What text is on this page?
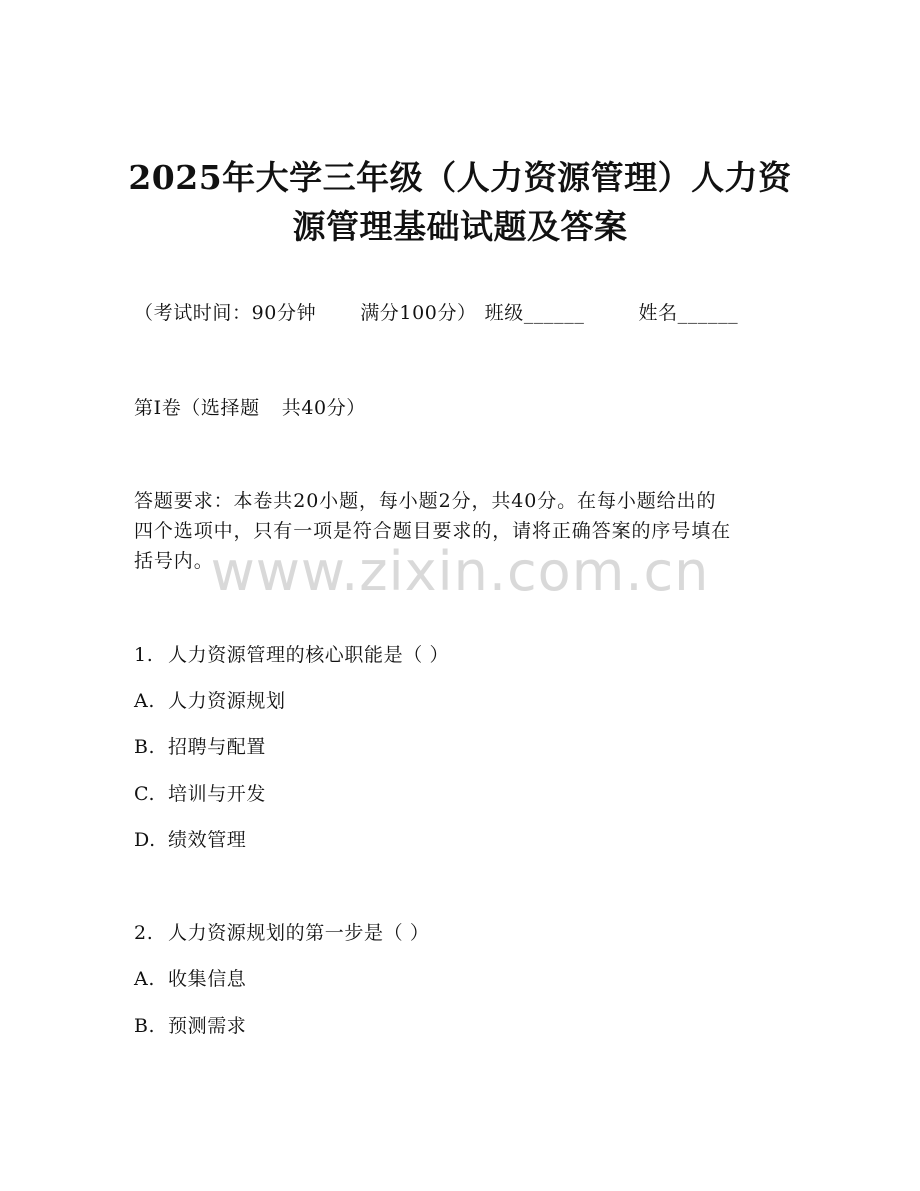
2025年大学三年级（人力资源管理）人力资
源管理基础试题及答案
（考试时间：90分钟 满分100分） 班级______	姓名______
第Ⅰ卷（选择题 共40分）
答题要求：本卷共20小题，每小题2分，共40分。在每小题给出的
四个选项中，只有一项是符合题目要求的，请将正确答案的序号填在
括号内。
www.zixin.com.cn
1. 人力资源管理的核心职能是（ ）
A. 人力资源规划
B. 招聘与配置
C. 培训与开发
D. 绩效管理
2. 人力资源规划的第一步是（ ）
A. 收集信息
B. 预测需求
